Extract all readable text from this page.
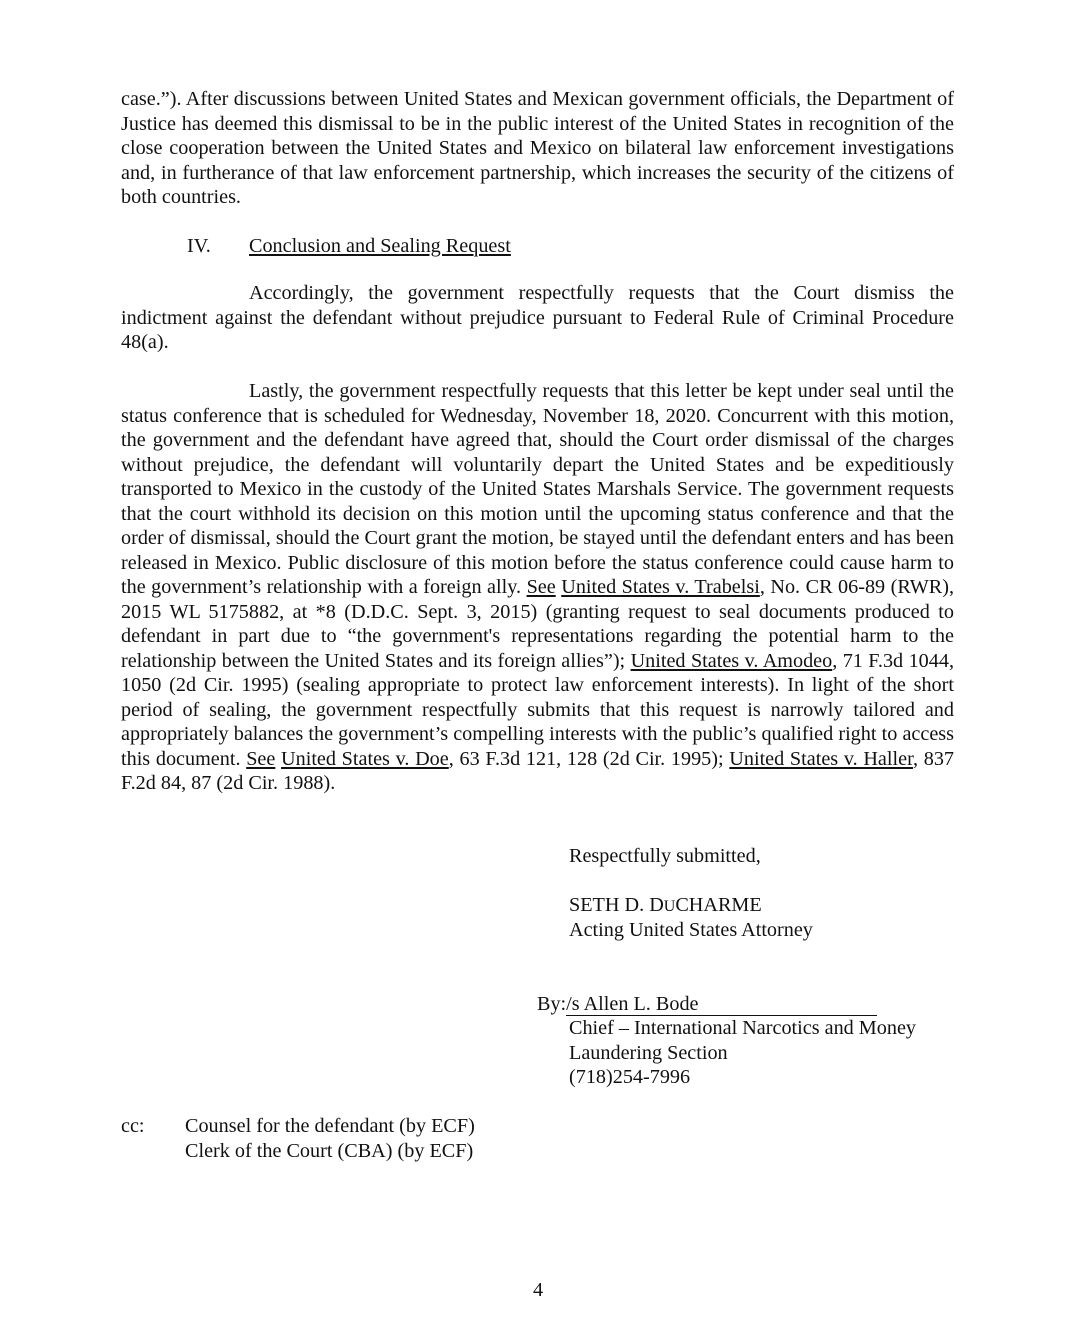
case.”). After discussions between United States and Mexican government officials, the Department of Justice has deemed this dismissal to be in the public interest of the United States in recognition of the close cooperation between the United States and Mexico on bilateral law enforcement investigations and, in furtherance of that law enforcement partnership, which increases the security of the citizens of both countries.
IV. Conclusion and Sealing Request
Accordingly, the government respectfully requests that the Court dismiss the indictment against the defendant without prejudice pursuant to Federal Rule of Criminal Procedure 48(a).
Lastly, the government respectfully requests that this letter be kept under seal until the status conference that is scheduled for Wednesday, November 18, 2020. Concurrent with this motion, the government and the defendant have agreed that, should the Court order dismissal of the charges without prejudice, the defendant will voluntarily depart the United States and be expeditiously transported to Mexico in the custody of the United States Marshals Service. The government requests that the court withhold its decision on this motion until the upcoming status conference and that the order of dismissal, should the Court grant the motion, be stayed until the defendant enters and has been released in Mexico. Public disclosure of this motion before the status conference could cause harm to the government’s relationship with a foreign ally. See United States v. Trabelsi, No. CR 06-89 (RWR), 2015 WL 5175882, at *8 (D.D.C. Sept. 3, 2015) (granting request to seal documents produced to defendant in part due to “the government's representations regarding the potential harm to the relationship between the United States and its foreign allies”); United States v. Amodeo, 71 F.3d 1044, 1050 (2d Cir. 1995) (sealing appropriate to protect law enforcement interests). In light of the short period of sealing, the government respectfully submits that this request is narrowly tailored and appropriately balances the government’s compelling interests with the public’s qualified right to access this document. See United States v. Doe, 63 F.3d 121, 128 (2d Cir. 1995); United States v. Haller, 837 F.2d 84, 87 (2d Cir. 1988).
Respectfully submitted,
SETH D. DUCHARME
Acting United States Attorney
By:/s Allen L. Bode
Chief – International Narcotics and Money
Laundering Section
(718)254-7996
cc: Counsel for the defendant (by ECF)
Clerk of the Court (CBA) (by ECF)
4
